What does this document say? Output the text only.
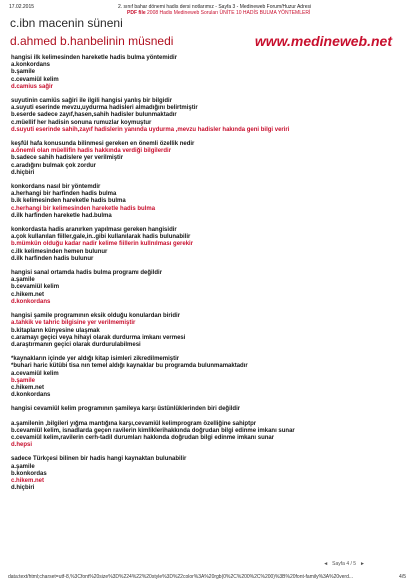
17.02.2015	2. sınıf bahar dönemi hadis dersi notlarımız - Sayfa 3 - Medineweb Forum/Huzur Adresi
PDF file 2008 Hadis Medineweb Soruları ÜNİTE 10 HADİS BULMA YÖNTEMLERİ
c.ibn macenin süneni
d.ahmed b.hanbelinin müsnedi	www.medineweb.net
hangisi ilk kelimesinden hareketle hadis bulma yöntemidir
a.konkordans
b.şamile
c.cevamiül kelim
d.camius sağir
suyutinin camiüs sağiri ile ilgili hangisi yanlış bir bilgidir
a.suyuti eserinde mevzu,uydurma hadisleri almadığını belirtmiştir
b.eserde sadece zayıf,hasen,sahih hadisler bulunmaktadır
c.müellif her hadisin sonuna rumuzlar koymuştur
d.suyuti eserinde sahih,zayıf hadislerin yanında uydurma ,mevzu hadisler hakında geni bilgi veriri
keşfül hafa konusunda bilinmesi gereken en önemli özellik nedir
a.önemli olan müellifin hadis hakkında verdiği bilgilerdir
b.sadece sahih hadislere yer verilmiştir
c.aradığını bulmak çok zordur
d.hiçbiri
konkordans nasıl bir yöntemdir
a.herhangi bir harfinden hadis bulma
b.ik kelimesinden hareketle hadis bulma
c.herhangi bir kelimesinden hareketle hadis bulma
d.ilk harfinden hareketle had.bulma
konkordasta hadis aranırken yapılması gereken hangisidir
a.çok kullanılan fiiller,gale,in..gibi kullanılarak hadis bulunabilir
b.mümkün olduğu kadar nadir kelime fiillerin kullnılması gerekir
c.ilk kelimesinden hemen bulunur
d.ilk harfinden hadis bulunur
hangisi sanal ortamda hadis bulma programı değildir
a.şamile
b.cevamiül kelim
c.hikem.net
d.konkordans
hangisi şamile programının eksik olduğu konulardan biridir
a.tahkik ve tahric bilgisine yer verilmemiştir
b.kitapların künyesine ulaşmak
c.aramayı geçici veya hihayi olarak durdurma imkanı vermesi
d.araştırmanın geçici olarak durdurulabilmesi
*kaynakların içinde yer aldığı kitap isimleri zikredilmemiştir
*buhari haric kütübi tisa nın temel aldığı kaynaklar bu programda bulunmamaktadır
a.cevamiül kelim
b.şamile
c.hikem.net
d.konkordans
hangisi cevamiül kelim programının şamileya karşı üstünlüklerinden biri değildir
a.şamilenin ,bilgileri yığma mantığına karşı,cevamiül kelimprogram özelliğine sahiptpr
b.cevamiül kelim, isnadlarda geçen ravilerin kimliklerihakkında doğrudan bilgi edinme imkanı sunar
c.cevamiül kelim,ravilerin cerh-tadil durumları hakkında doğrudan bilgi edinme imkanı sunar
d.hepsi
sadece Türkçesi bilinen bir hadis hangi kaynaktan bulunabilir
a.şamile
b.konkordas
c.hikem.net
d.hiçbiri
◄ Sayfa 4 / 5 ►
data:text/html;charset=utf-8,%3Cfont%20size%3D%224%22%20style%3D%22color%3A%20rgb(0%2C%200%2C%200)%3B%20font-family%3A%20verd...	4/5
